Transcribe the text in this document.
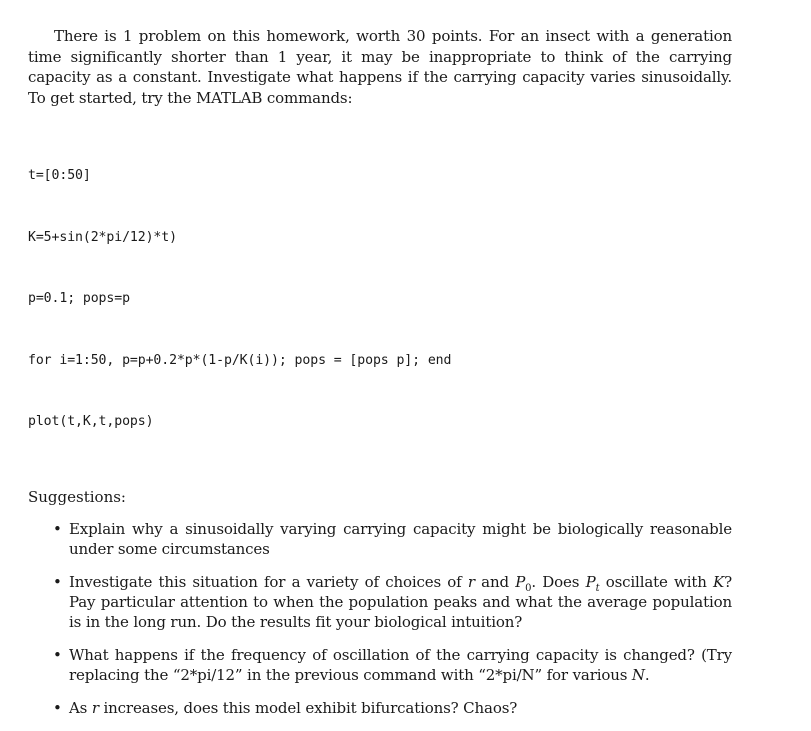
There is 1 problem on this homework, worth 30 points. For an insect with a generation time significantly shorter than 1 year, it may be inappropriate to think of the carrying capacity as a constant. Investigate what happens if the carrying capacity varies sinusoidally. To get started, try the MATLAB commands:

t=[0:50]

K=5+sin(2*pi/12)*t)

p=0.1; pops=p

for i=1:50, p=p+0.2*p*(1-p/K(i)); pops = [pops p]; end

plot(t,K,t,pops)

Suggestions:

• Explain why a sinusoidally varying carrying capacity might be biologically reasonable under some circumstances
• Investigate this situation for a variety of choices of r and $P_0$. Does $P_t$ oscillate with K? Pay particular attention to when the population peaks and what the average population is in the long run. Do the results fit your biological intuition?
• What happens if the frequency of oscillation of the carrying capacity is changed? (Try replacing the “2*pi/12” in the previous command with “2*pi/N” for various N.
• As r increases, does this model exhibit bifurcations? Chaos?
